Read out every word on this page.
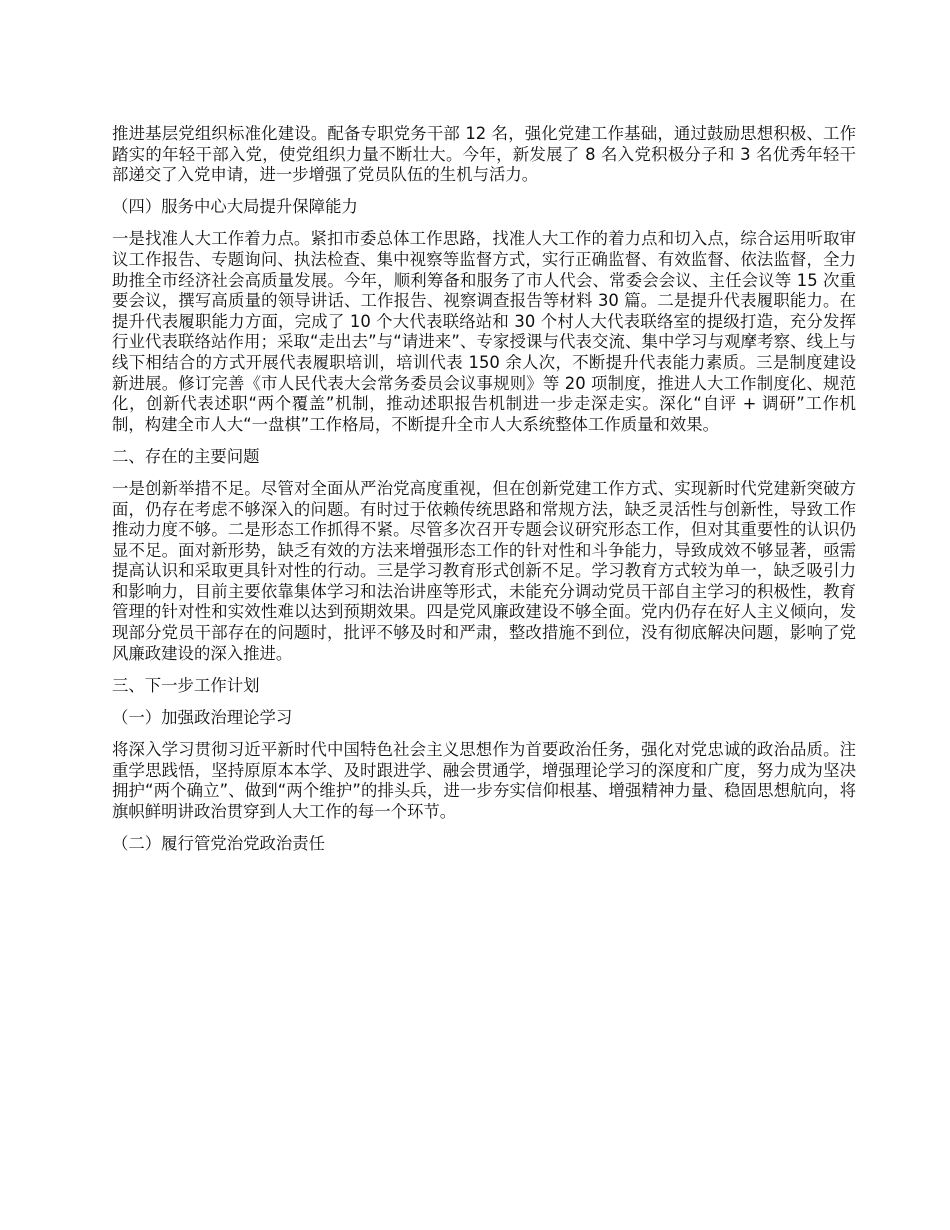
推进基层党组织标准化建设。配备专职党务干部 12 名，强化党建工作基础，通过鼓励思想积极、工作踏实的年轻干部入党，使党组织力量不断壮大。今年，新发展了 8 名入党积极分子和 3 名优秀年轻干部递交了入党申请，进一步增强了党员队伍的生机与活力。

（四）服务中心大局提升保障能力

一是找准人大工作着力点。紧扣市委总体工作思路，找准人大工作的着力点和切入点，综合运用听取审议工作报告、专题询问、执法检查、集中视察等监督方式，实行正确监督、有效监督、依法监督，全力助推全市经济社会高质量发展。今年，顺利筹备和服务了市人代会、常委会会议、主任会议等 15 次重要会议，撰写高质量的领导讲话、工作报告、视察调查报告等材料 30 篇。二是提升代表履职能力。在提升代表履职能力方面，完成了 10 个大代表联络站和 30 个村人大代表联络室的提级打造，充分发挥行业代表联络站作用；采取“走出去”与“请进来”、专家授课与代表交流、集中学习与观摩考察、线上与线下相结合的方式开展代表履职培训，培训代表 150 余人次，不断提升代表能力素质。三是制度建设新进展。修订完善《市人民代表大会常务委员会议事规则》等 20 项制度，推进人大工作制度化、规范化，创新代表述职“两个覆盖”机制，推动述职报告机制进一步走深走实。深化“自评 + 调研”工作机制，构建全市人大“一盘棋”工作格局，不断提升全市人大系统整体工作质量和效果。

二、存在的主要问题

一是创新举措不足。尽管对全面从严治党高度重视，但在创新党建工作方式、实现新时代党建新突破方面，仍存在考虑不够深入的问题。有时过于依赖传统思路和常规方法，缺乏灵活性与创新性，导致工作推动力度不够。二是形态工作抓得不紧。尽管多次召开专题会议研究形态工作，但对其重要性的认识仍显不足。面对新形势，缺乏有效的方法来增强形态工作的针对性和斗争能力，导致成效不够显著，亟需提高认识和采取更具针对性的行动。三是学习教育形式创新不足。学习教育方式较为单一，缺乏吸引力和影响力，目前主要依靠集体学习和法治讲座等形式，未能充分调动党员干部自主学习的积极性，教育管理的针对性和实效性难以达到预期效果。四是党风廉政建设不够全面。党内仍存在好人主义倾向，发现部分党员干部存在的问题时，批评不够及时和严肃，整改措施不到位，没有彻底解决问题，影响了党风廉政建设的深入推进。

三、下一步工作计划

（一）加强政治理论学习

将深入学习贯彻习近平新时代中国特色社会主义思想作为首要政治任务，强化对党忠诚的政治品质。注重学思践悟，坚持原原本本学、及时跟进学、融会贯通学，增强理论学习的深度和广度，努力成为坚决拥护“两个确立”、做到“两个维护”的排头兵，进一步夯实信仰根基、增强精神力量、稳固思想航向，将旗帜鲜明讲政治贯穿到人大工作的每一个环节。

（二）履行管党治党政治责任
